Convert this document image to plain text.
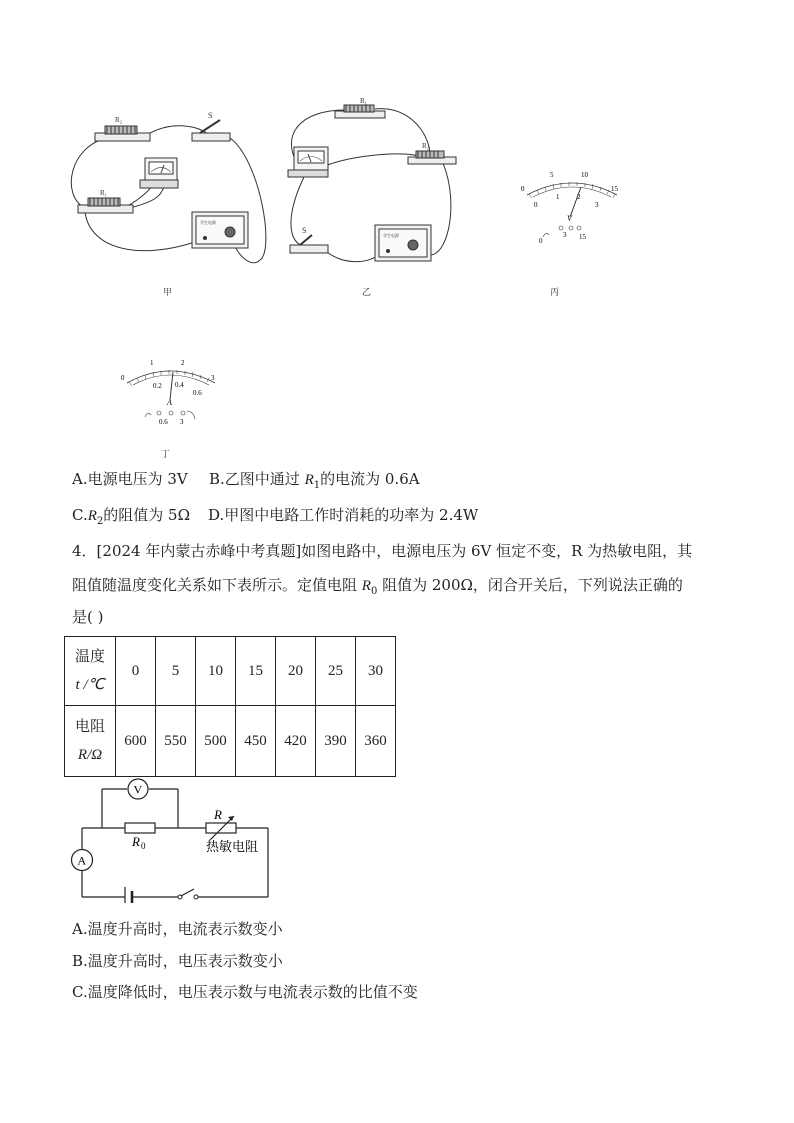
R₂	S
R₁
学生电源
甲
R₁
R₂
S
学生电源
乙
0
5	10
15
0
1	2
3
V
0
3 15
丙
0
1	2
3
0.2 0.4
0.6
A
0.6 3
丁
A.电源电压为 3V B.乙图中通过 $R_1$的电流为 0.6A
$C.R_2$的阻值为 5Ω D.甲图中电路工作时消耗的功率为 2.4W
4．[2024 年内蒙古赤峰中考真题]如图电路中，电源电压为 6V 恒定不变，R 为热敏电阻，其
阻值随温度变化关系如下表所示。定值电阻 $R_0$ 阻值为 200Ω，闭合开关后，下列说法正确的
是( )
温度
t /℃	0	5	10	15	20	25	30

电阻
R/Ω	600	550	500	450	420	390	360
V
A
R 0
R
热敏电阻
A.温度升高时，电流表示数变小
B.温度升高时，电压表示数变小
C.温度降低时，电压表示数与电流表示数的比值不变
